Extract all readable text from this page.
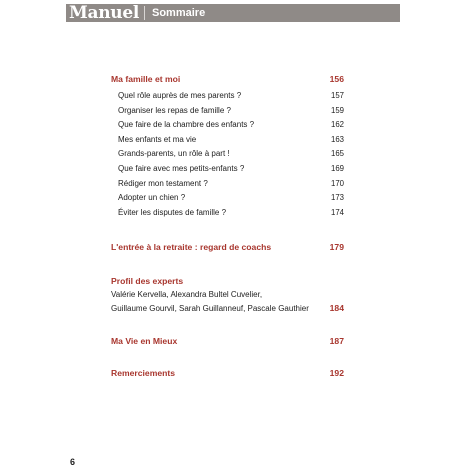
Manuel Sommaire
Ma famille et moi	156
Quel rôle auprès de mes parents ?	157
Organiser les repas de famille ?	159
Que faire de la chambre des enfants ?	162
Mes enfants et ma vie	163
Grands-parents, un rôle à part !	165
Que faire avec mes petits-enfants ?	169
Rédiger mon testament ?	170
Adopter un chien ?	173
Éviter les disputes de famille ?	174
L'entrée à la retraite : regard de coachs	179
Profil des experts
Valérie Kervella, Alexandra Bultel Cuvelier,
Guillaume Gourvil, Sarah Guillanneuf, Pascale Gauthier 184
Ma Vie en Mieux	187
Remerciements	192
6
